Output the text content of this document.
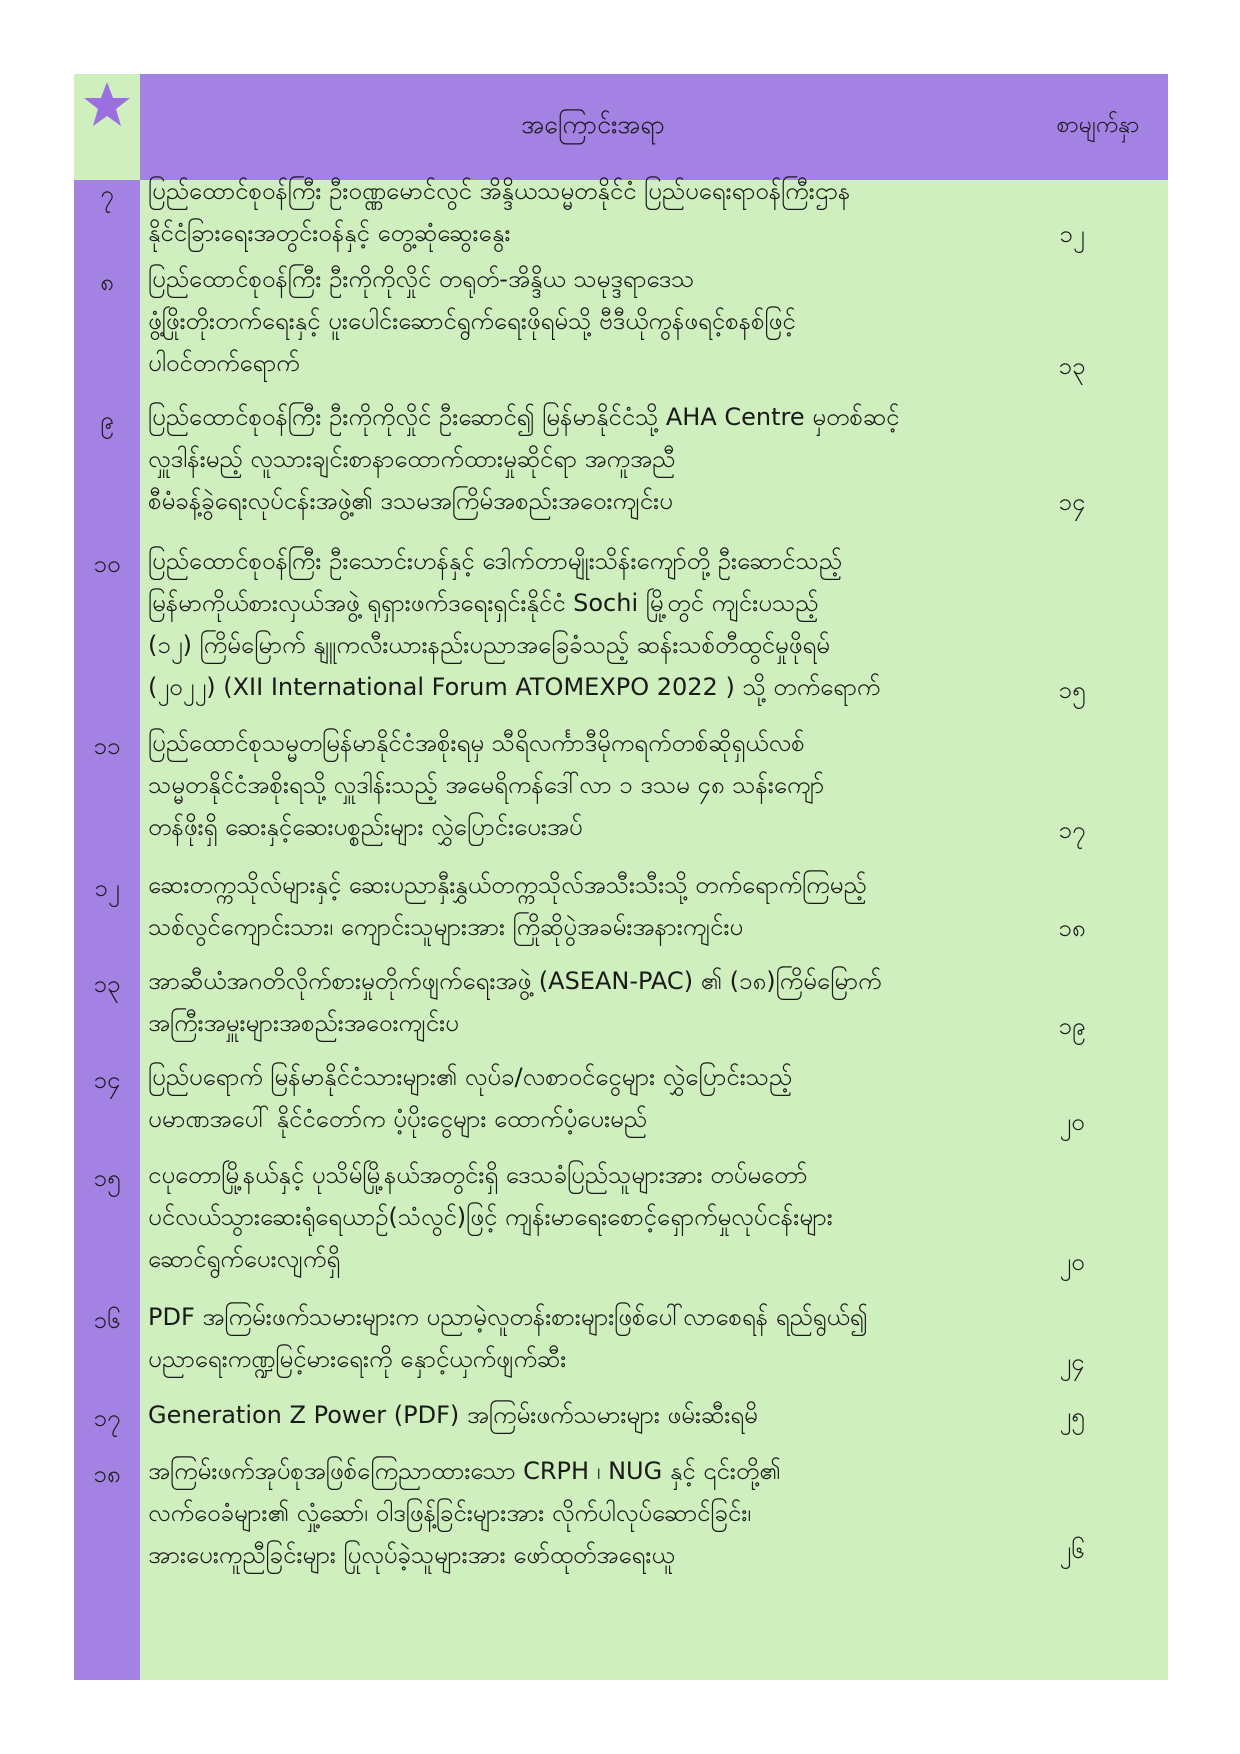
အကြောင်းအရာ	စာမျက်နှာ
၇	ပြည်ထောင်စုဝန်ကြီး ဦးဝဏ္ဏမောင်လွင် အိန္ဒိယသမ္မတနိုင်ငံ ပြည်ပရေးရာဝန်ကြီးဌာန
နိုင်ငံခြားရေးအတွင်းဝန်နှင့် တွေ့ဆုံဆွေးနွေး	၁၂
၈	ပြည်ထောင်စုဝန်ကြီး ဦးကိုကိုလှိုင် တရုတ်-အိန္ဒိယ သမုဒ္ဒရာဒေသ
ဖွံ့ဖြိုးတိုးတက်ရေးနှင့် ပူးပေါင်းဆောင်ရွက်ရေးဖိုရမ်သို့ ဗီဒီယိုကွန်ဖရင့်စနစ်ဖြင့်
ပါဝင်တက်ရောက်	၁၃
၉	ပြည်ထောင်စုဝန်ကြီး ဦးကိုကိုလှိုင် ဦးဆောင်၍ မြန်မာနိုင်ငံသို့ AHA Centre မှတစ်ဆင့်
လှူဒါန်းမည့် လူသားချင်းစာနာထောက်ထားမှုဆိုင်ရာ အကူအညီ
စီမံခန့်ခွဲရေးလုပ်ငန်းအဖွဲ့၏ ဒသမအကြိမ်အစည်းအဝေးကျင်းပ	၁၄
၁၀	ပြည်ထောင်စုဝန်ကြီး ဦးသောင်းဟန်နှင့် ဒေါက်တာမျိုးသိန်းကျော်တို့ ဦးဆောင်သည့်
မြန်မာကိုယ်စားလှယ်အဖွဲ့ ရုရှားဖက်ဒရေးရှင်းနိုင်ငံ Sochi မြို့တွင် ကျင်းပသည့်
(၁၂) ကြိမ်မြောက် နျူကလီးယားနည်းပညာအခြေခံသည့် ဆန်းသစ်တီထွင်မှုဖိုရမ်
(၂၀၂၂) (XII International Forum ATOMEXPO 2022 ) သို့ တက်ရောက်	၁၅
၁၁	ပြည်ထောင်စုသမ္မတမြန်မာနိုင်ငံအစိုးရမှ သီရိလင်္ကာဒီမိုကရက်တစ်ဆိုရှယ်လစ်
သမ္မတနိုင်ငံအစိုးရသို့ လှူဒါန်းသည့် အမေရိကန်ဒေါ်လာ ၁ ဒသမ ၄၈ သန်းကျော်
တန်ဖိုးရှိ ဆေးနှင့်ဆေးပစ္စည်းများ လွှဲပြောင်းပေးအပ်	၁၇
၁၂	ဆေးတက္ကသိုလ်များနှင့် ဆေးပညာနှီးနွှယ်တက္ကသိုလ်အသီးသီးသို့ တက်ရောက်ကြမည့်
သစ်လွင်ကျောင်းသား၊ ကျောင်းသူများအား ကြိုဆိုပွဲအခမ်းအနားကျင်းပ	၁၈
၁၃	အာဆီယံအဂတိလိုက်စားမှုတိုက်ဖျက်ရေးအဖွဲ့ (ASEAN-PAC) ၏ (၁၈)ကြိမ်မြောက်
အကြီးအမှူးများအစည်းအဝေးကျင်းပ	၁၉
၁၄	ပြည်ပရောက် မြန်မာနိုင်ငံသားများ၏ လုပ်ခ/လစာဝင်ငွေများ လွှဲပြောင်းသည့်
ပမာဏအပေါ် နိုင်ငံတော်က ပံ့ပိုးငွေများ ထောက်ပံ့ပေးမည်	၂၀
၁၅	ငပုတောမြို့နယ်နှင့် ပုသိမ်မြို့နယ်အတွင်းရှိ ဒေသခံပြည်သူများအား တပ်မတော်
ပင်လယ်သွားဆေးရုံရေယာဉ်(သံလွင်)ဖြင့် ကျန်းမာရေးစောင့်ရှောက်မှုလုပ်ငန်းများ
ဆောင်ရွက်ပေးလျက်ရှိ	၂၀
၁၆	PDF အကြမ်းဖက်သမားများက ပညာမဲ့လူတန်းစားများဖြစ်ပေါ်လာစေရန် ရည်ရွယ်၍
ပညာရေးကဏ္ဍမြင့်မားရေးကို နှောင့်ယှက်ဖျက်ဆီး	၂၄
၁၇	Generation Z Power (PDF) အကြမ်းဖက်သမားများ ဖမ်းဆီးရမိ	၂၅
၁၈	အကြမ်းဖက်အုပ်စုအဖြစ်ကြေညာထားသော CRPH ၊ NUG နှင့် ၎င်းတို့၏
လက်ဝေခံများ၏ လှုံ့ဆော်၊ ဝါဒဖြန့်ခြင်းများအား လိုက်ပါလုပ်ဆောင်ခြင်း၊
အားပေးကူညီခြင်းများ ပြုလုပ်ခဲ့သူများအား ဖော်ထုတ်အရေးယူ	၂၆
